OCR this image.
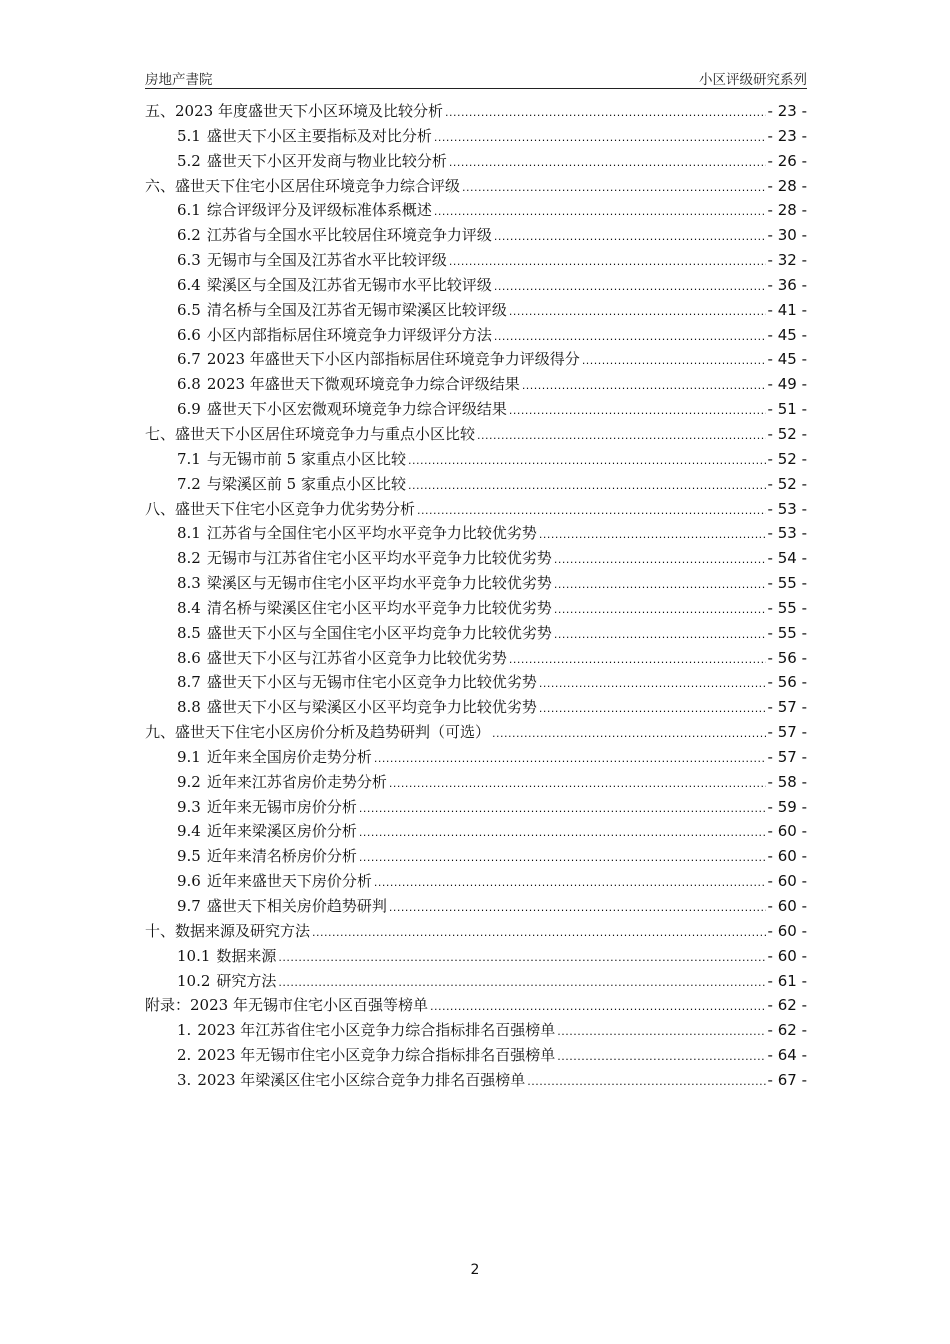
房地产書院	小区评级研究系列
五、2023 年度盛世天下小区环境及比较分析 .....	- 23 -
5.1 盛世天下小区主要指标及对比分析 .....	- 23 -
5.2 盛世天下小区开发商与物业比较分析 .....	- 26 -
六、盛世天下住宅小区居住环境竞争力综合评级 .....	- 28 -
6.1 综合评级评分及评级标准体系概述 .....	- 28 -
6.2 江苏省与全国水平比较居住环境竞争力评级 .....	- 30 -
6.3 无锡市与全国及江苏省水平比较评级 .....	- 32 -
6.4 梁溪区与全国及江苏省无锡市水平比较评级 .....	- 36 -
6.5 清名桥与全国及江苏省无锡市梁溪区比较评级 .....	- 41 -
6.6 小区内部指标居住环境竞争力评级评分方法 .....	- 45 -
6.7 2023 年盛世天下小区内部指标居住环境竞争力评级得分 .....	- 45 -
6.8 2023 年盛世天下微观环境竞争力综合评级结果 .....	- 49 -
6.9 盛世天下小区宏微观环境竞争力综合评级结果 .....	- 51 -
七、盛世天下小区居住环境竞争力与重点小区比较 .....	- 52 -
7.1 与无锡市前 5 家重点小区比较 .....	- 52 -
7.2 与梁溪区前 5 家重点小区比较 .....	- 52 -
八、盛世天下住宅小区竞争力优劣势分析 .....	- 53 -
8.1 江苏省与全国住宅小区平均水平竞争力比较优劣势 .....	- 53 -
8.2 无锡市与江苏省住宅小区平均水平竞争力比较优劣势 .....	- 54 -
8.3 梁溪区与无锡市住宅小区平均水平竞争力比较优劣势 .....	- 55 -
8.4 清名桥与梁溪区住宅小区平均水平竞争力比较优劣势 .....	- 55 -
8.5 盛世天下小区与全国住宅小区平均竞争力比较优劣势 .....	- 55 -
8.6 盛世天下小区与江苏省小区竞争力比较优劣势 .....	- 56 -
8.7 盛世天下小区与无锡市住宅小区竞争力比较优劣势 .....	- 56 -
8.8 盛世天下小区与梁溪区小区平均竞争力比较优劣势 .....	- 57 -
九、盛世天下住宅小区房价分析及趋势研判（可选） .....	- 57 -
9.1 近年来全国房价走势分析 .....	- 57 -
9.2 近年来江苏省房价走势分析 .....	- 58 -
9.3 近年来无锡市房价分析 .....	- 59 -
9.4 近年来梁溪区房价分析 .....	- 60 -
9.5 近年来清名桥房价分析 .....	- 60 -
9.6 近年来盛世天下房价分析 .....	- 60 -
9.7 盛世天下相关房价趋势研判 .....	- 60 -
十、数据来源及研究方法 .....	- 60 -
10.1 数据来源 .....	- 60 -
10.2 研究方法 .....	- 61 -
附录：2023 年无锡市住宅小区百强等榜单 .....	- 62 -
1. 2023 年江苏省住宅小区竞争力综合指标排名百强榜单 .....	- 62 -
2. 2023 年无锡市住宅小区竞争力综合指标排名百强榜单 .....	- 64 -
3. 2023 年梁溪区住宅小区综合竞争力排名百强榜单 .....	- 67 -
2
